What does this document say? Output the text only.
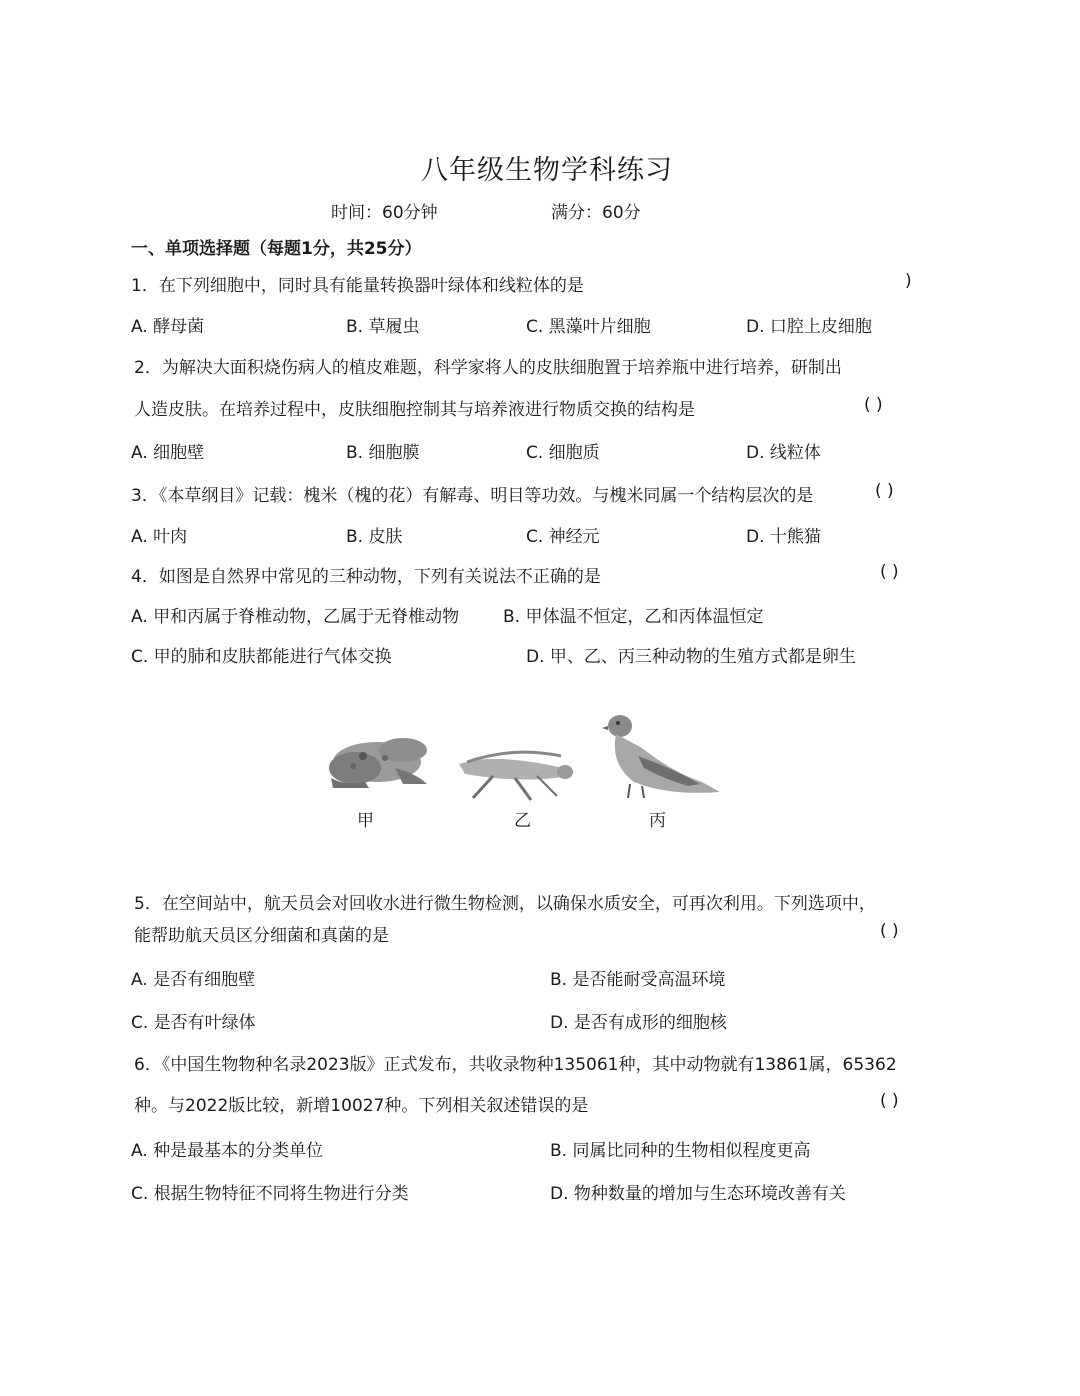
八年级生物学科练习
时间：60分钟	满分：60分
一、单项选择题（每题1分，共25分）
1．在下列细胞中，同时具有能量转换器叶绿体和线粒体的是	)
A. 酵母菌	B. 草履虫	C. 黑藻叶片细胞	D. 口腔上皮细胞
2．为解决大面积烧伤病人的植皮难题，科学家将人的皮肤细胞置于培养瓶中进行培养，研制出
人造皮肤。在培养过程中，皮肤细胞控制其与培养液进行物质交换的结构是	( )
A. 细胞壁	B. 细胞膜	C. 细胞质	D. 线粒体
3．《本草纲目》记载：槐米（槐的花）有解毒、明目等功效。与槐米同属一个结构层次的是	( )
A. 叶肉	B. 皮肤	C. 神经元	D. 十熊猫
4．如图是自然界中常见的三种动物，下列有关说法不正确的是	( )
A. 甲和丙属于脊椎动物，乙属于无脊椎动物	B. 甲体温不恒定，乙和丙体温恒定
C. 甲的肺和皮肤都能进行气体交换	D. 甲、乙、丙三种动物的生殖方式都是卵生
甲	乙	丙
5．在空间站中，航天员会对回收水进行微生物检测，以确保水质安全，可再次利用。下列选项中，
能帮助航天员区分细菌和真菌的是	( )
A. 是否有细胞壁	B. 是否能耐受高温环境
C. 是否有叶绿体	D. 是否有成形的细胞核
6．《中国生物物种名录2023版》正式发布，共收录物种135061种，其中动物就有13861属，65362
种。与2022版比较，新增10027种。下列相关叙述错误的是	( )
A. 种是最基本的分类单位	B. 同属比同种的生物相似程度更高
C. 根据生物特征不同将生物进行分类	D. 物种数量的增加与生态环境改善有关
